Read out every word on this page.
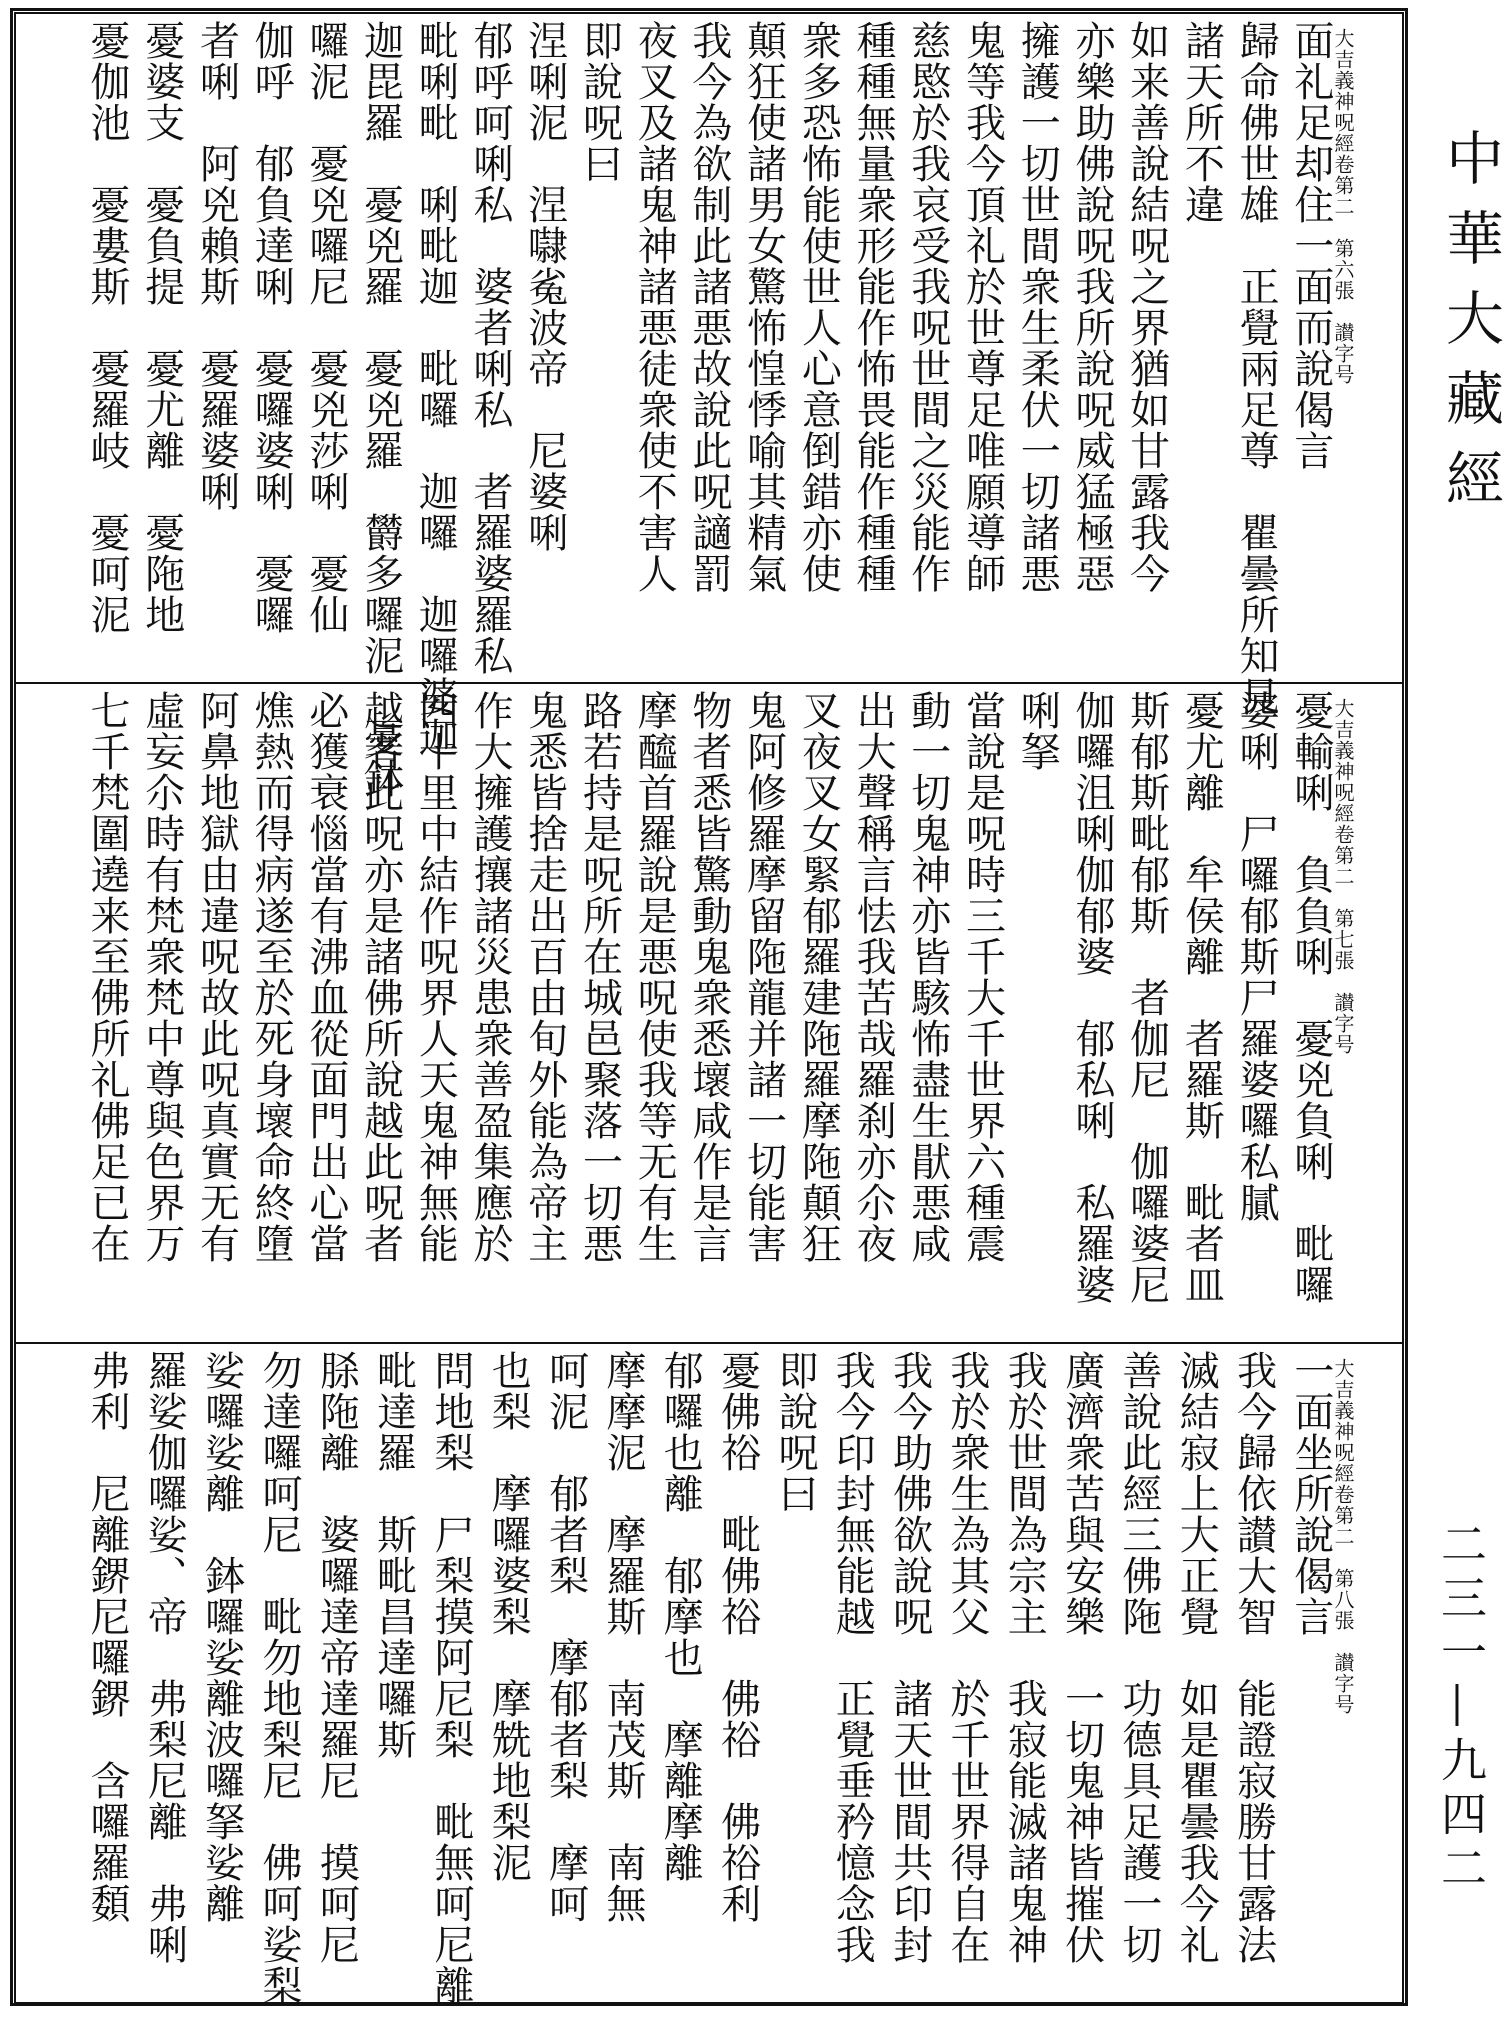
大吉義神呪經卷第二　第六張　讃字号
面礼足却住一面而說偈言
歸命佛世雄　正覺兩足尊　瞿曇所知見
諸天所不違
如来善說結呪之界猶如甘露我今
亦樂助佛說呪我所說呪威猛極惡
擁護一切世間衆生柔伏一切諸悪
鬼等我今頂礼於世尊足唯願導師
慈愍於我哀受我呪世間之災能作
種種無量衆形能作怖畏能作種種
衆多恐怖能使世人心意倒錯亦使
顛狂使諸男女驚怖惶悸喻其精氣
我今為欲制此諸悪故說此呪讁罰
夜叉及諸鬼神諸悪徒衆使不害人
即說呪曰
涅唎泥　涅㘑㝹波帝　尼婆唎
郁呼呵唎私　婆者唎私　者羅婆羅私
毗唎毗　唎毗迦　毗囉　迦囉　迦囉婆迦
迦毘羅　憂兇羅　憂兇羅　欝多囉泥　憂鉢
囉泥　憂兇囉尼　憂兇莎唎　憂仙
伽呼　郁負達唎　憂囉婆唎　憂囉
者唎　阿兇賴斯　憂羅婆唎
憂婆支　憂負提　憂尤離　憂陁地
憂伽池　憂婁斯　憂羅岐　憂呵泥
大吉義神呪經卷第二　第七張　讃字号
憂輸唎　負負唎　憂兇負唎　毗囉
婆唎　尸囉郁斯尸羅婆囉私膩
憂尤離　牟侯離　者羅斯　毗者皿
斯郁斯毗郁斯　者伽尼　伽囉婆尼
伽囉沮唎伽郁婆　郁私唎　私羅婆
唎拏
當說是呪時三千大千世界六種震
動一切鬼神亦皆駭怖盡生猒悪咸
出大聲稱言怯我苦哉羅刹亦尒夜
叉夜叉女緊郁羅建陁羅摩陁顛狂
鬼阿修羅摩留陁龍并諸一切能害
物者悉皆驚動鬼衆悉壞咸作是言
摩醯首羅說是悪呪使我等无有生
路若持是呪所在城邑聚落一切悪
鬼悉皆捨走出百由旬外能為帝主
作大擁護攘諸災患衆善盈集應於
四十里中結作呪界人天鬼神無能
越者此呪亦是諸佛所說越此呪者
必獲衰惱當有沸血從面門出心當
燋熱而得病遂至於死身壞命終墮
阿鼻地獄由違呪故此呪真實无有
虛妄尒時有梵衆梵中尊與色界万
七千梵圍遶来至佛所礼佛足已在
大吉義神呪經卷第二　第八張　讃字号
一面坐所說偈言
我今歸依讃大智　能證寂勝甘露法
滅結寂上大正覺　如是瞿曇我今礼
善說此經三佛陁　功德具足護一切
廣濟衆苦與安樂　一切鬼神皆摧伏
我於世間為宗主　我寂能滅諸鬼神
我於衆生為其父　於千世界得自在
我今助佛欲說呪　諸天世間共印封
我今印封無能越　正覺垂矜憶念我
即說呪曰
憂佛𥙿　毗佛𥙿　佛𥙿　佛𥙿利
郁囉也離　郁摩也　摩離摩離
摩摩泥　摩羅斯　南茂斯　南無
呵泥　郁者梨　摩郁者梨　摩呵
也梨　摩囉婆梨　摩兟地梨泥
問地梨　尸梨摸阿尼梨　毗無呵尼離
毗達羅　斯毗昌達囉斯
脎陁離　婆囉達帝達羅尼　摸呵尼
勿達囉呵尼　毗勿地梨尼　佛呵娑梨
娑囉娑離　鉢囉娑離波囉拏娑離
羅娑伽囉娑、帝　弗梨尼離　弗唎
弗利　尼離鎅尼囉鎅　含囉羅䫋
中華大藏經
二三一—九四二
